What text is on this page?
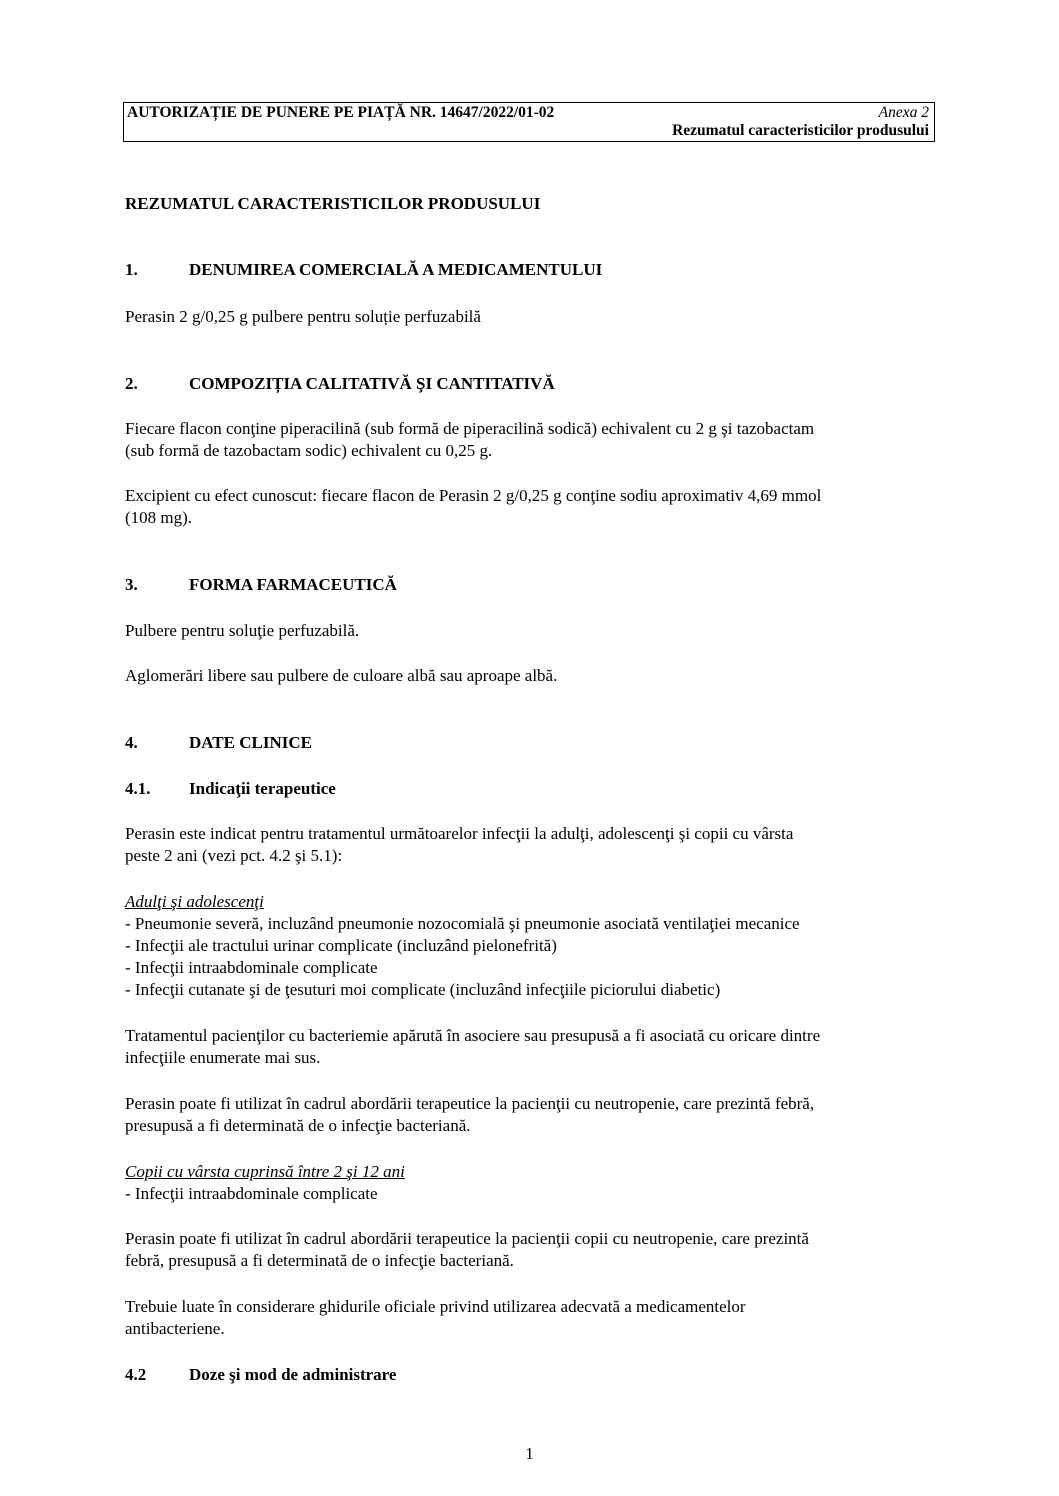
AUTORIZAȚIE DE PUNERE PE PIAȚĂ NR. 14647/2022/01-02	Anexa 2
Rezumatul caracteristicilor produsului
REZUMATUL CARACTERISTICILOR PRODUSULUI
1.	DENUMIREA COMERCIALĂ A MEDICAMENTULUI
Perasin 2 g/0,25 g pulbere pentru soluție perfuzabilă
2.	COMPOZIȚIA CALITATIVĂ ŞI CANTITATIVĂ
Fiecare flacon conţine piperacilină (sub formă de piperacilină sodică) echivalent cu 2 g şi tazobactam
(sub formă de tazobactam sodic) echivalent cu 0,25 g.
Excipient cu efect cunoscut: fiecare flacon de Perasin 2 g/0,25 g conţine sodiu aproximativ 4,69 mmol
(108 mg).
3.	FORMA FARMACEUTICĂ
Pulbere pentru soluţie perfuzabilă.
Aglomerări libere sau pulbere de culoare albă sau aproape albă.
4.	DATE CLINICE
4.1. Indicaţii terapeutice
Perasin este indicat pentru tratamentul următoarelor infecţii la adulţi, adolescenţi şi copii cu vârsta
peste 2 ani (vezi pct. 4.2 şi 5.1):
Adulţi şi adolescenţi
- Pneumonie severă, incluzând pneumonie nozocomială şi pneumonie asociată ventilaţiei mecanice
- Infecţii ale tractului urinar complicate (incluzând pielonefrită)
- Infecţii intraabdominale complicate
- Infecţii cutanate şi de ţesuturi moi complicate (incluzând infecţiile piciorului diabetic)
Tratamentul pacienţilor cu bacteriemie apărută în asociere sau presupusă a fi asociată cu oricare dintre
infecţiile enumerate mai sus.
Perasin poate fi utilizat în cadrul abordării terapeutice la pacienţii cu neutropenie, care prezintă febră,
presupusă a fi determinată de o infecţie bacteriană.
Copii cu vârsta cuprinsă între 2 şi 12 ani
- Infecţii intraabdominale complicate
Perasin poate fi utilizat în cadrul abordării terapeutice la pacienţii copii cu neutropenie, care prezintă
febră, presupusă a fi determinată de o infecţie bacteriană.
Trebuie luate în considerare ghidurile oficiale privind utilizarea adecvată a medicamentelor
antibacteriene.
4.2	Doze şi mod de administrare
1
